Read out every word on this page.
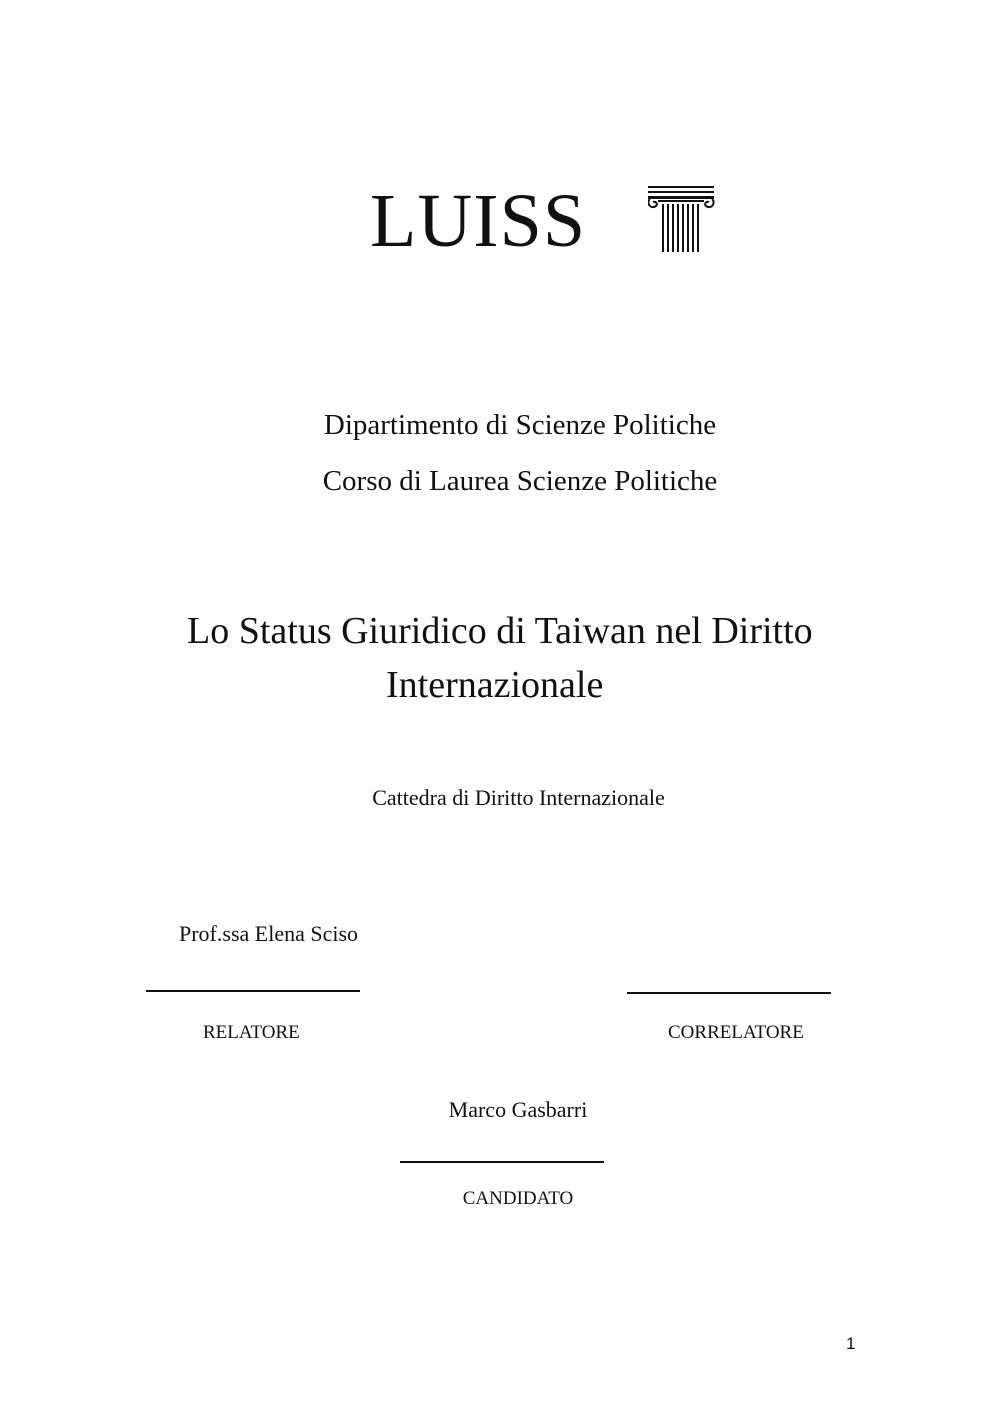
LUISS
Dipartimento di Scienze Politiche
Corso di Laurea Scienze Politiche
Lo Status Giuridico di Taiwan nel Diritto
Internazionale
Cattedra di Diritto Internazionale
Prof.ssa Elena Sciso
RELATORE	CORRELATORE
Marco Gasbarri
CANDIDATO
1
